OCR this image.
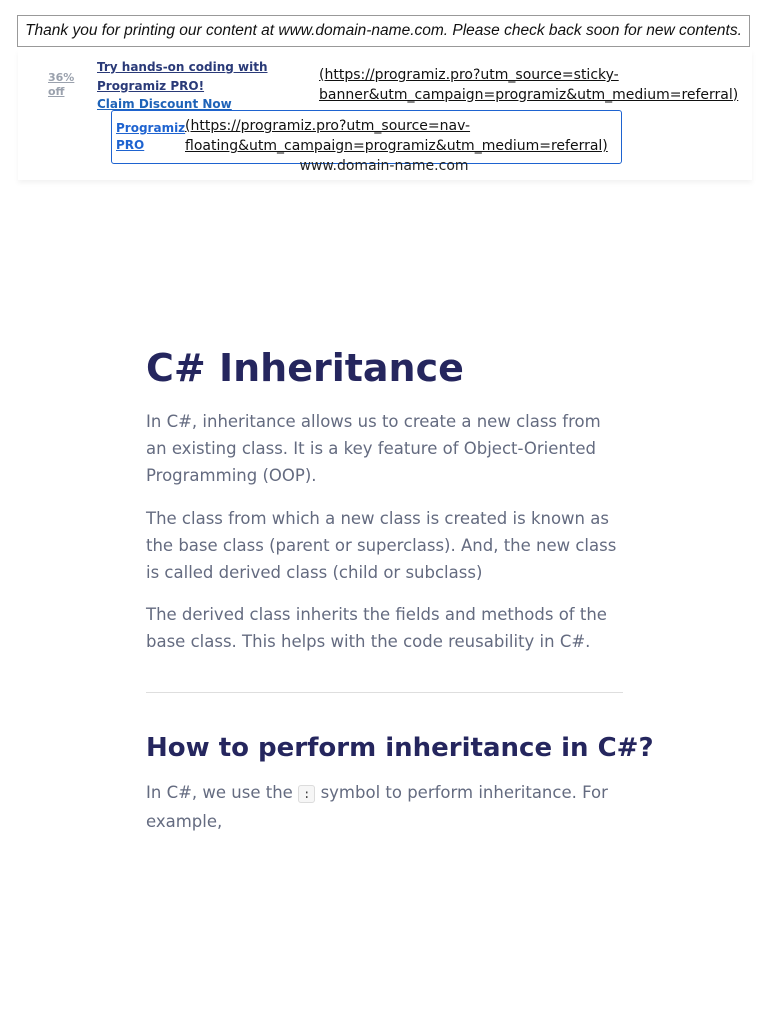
Thank you for printing our content at www.domain-name.com. Please check back soon for new contents.
36% off
Try hands-on coding with
Programiz PRO!
Claim Discount Now
(https://programiz.pro?utm_source=sticky-banner&utm_campaign=programiz&utm_medium=referral)
Programiz PRO
(https://programiz.pro?utm_source=nav-floating&utm_campaign=programiz&utm_medium=referral)
www.domain-name.com
C# Inheritance

In C#, inheritance allows us to create a new class from an existing class. It is a key feature of Object-Oriented Programming (OOP).

The class from which a new class is created is known as the base class (parent or superclass). And, the new class is called derived class (child or subclass)

The derived class inherits the fields and methods of the base class. This helps with the code reusability in C#.

How to perform inheritance in C#?

In C#, we use the : symbol to perform inheritance. For example,
